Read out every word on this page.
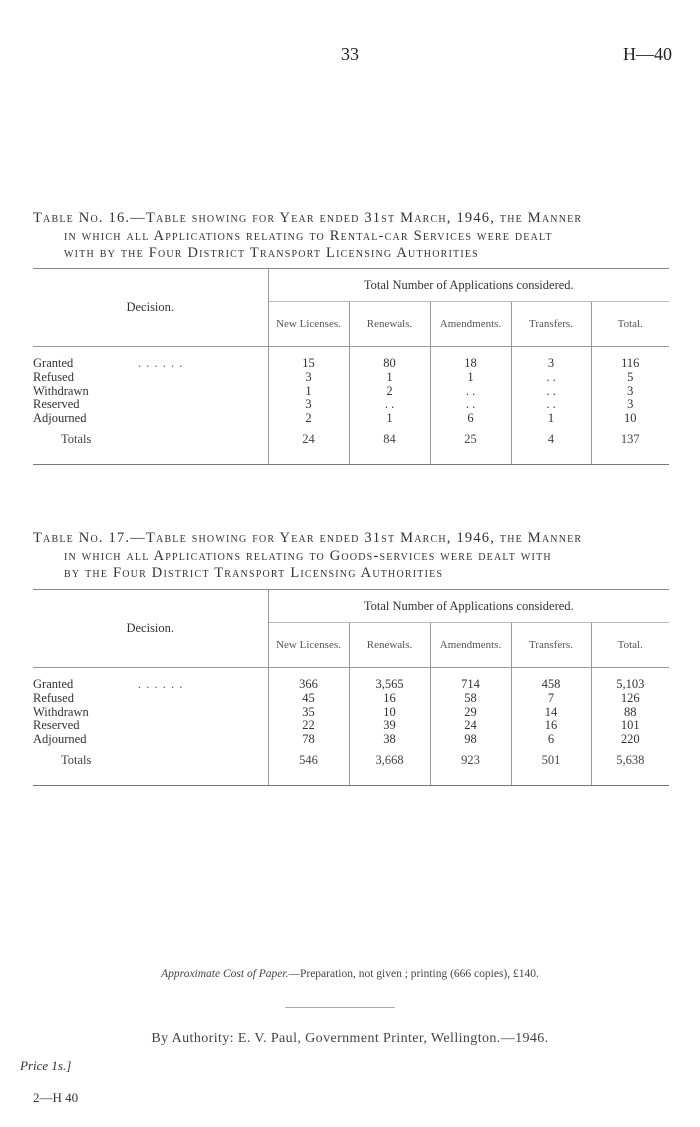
33	H—40
Table No. 16.—Table showing for Year ended 31st March, 1946, the Manner
in which all Applications relating to Rental-car Services were dealt
with by the Four District Transport Licensing Authorities
Decision.	Total Number of Applications considered.				
	New Licenses.	Renewals.	Amendments.	Transfers.	Total.

Granted . . . . . .	15	80	18	3	116
Refused	3	1	1	. .	5
Withdrawn	1	2	. .	. .	3
Reserved	3	. .	. .	. .	3
Adjourned	2	1	6	1	10
Totals	24	84	25	4	137

Table No. 17.—Table showing for Year ended 31st March, 1946, the Manner
in which all Applications relating to Goods-services were dealt with
by the Four District Transport Licensing Authorities
Decision.	Total Number of Applications considered.				
	New Licenses.	Renewals.	Amendments.	Transfers.	Total.

Granted . . . . . .	366	3,565	714	458	5,103
Refused	45	16	58	7	126
Withdrawn	35	10	29	14	88
Reserved	22	39	24	16	101
Adjourned	78	38	98	6	220
Totals	546	3,668	923	501	5,638

Approximate Cost of Paper.—Preparation, not given ; printing (666 copies), £140.
By Authority: E. V. Paul, Government Printer, Wellington.—1946.
Price 1s.]
2—H 40
